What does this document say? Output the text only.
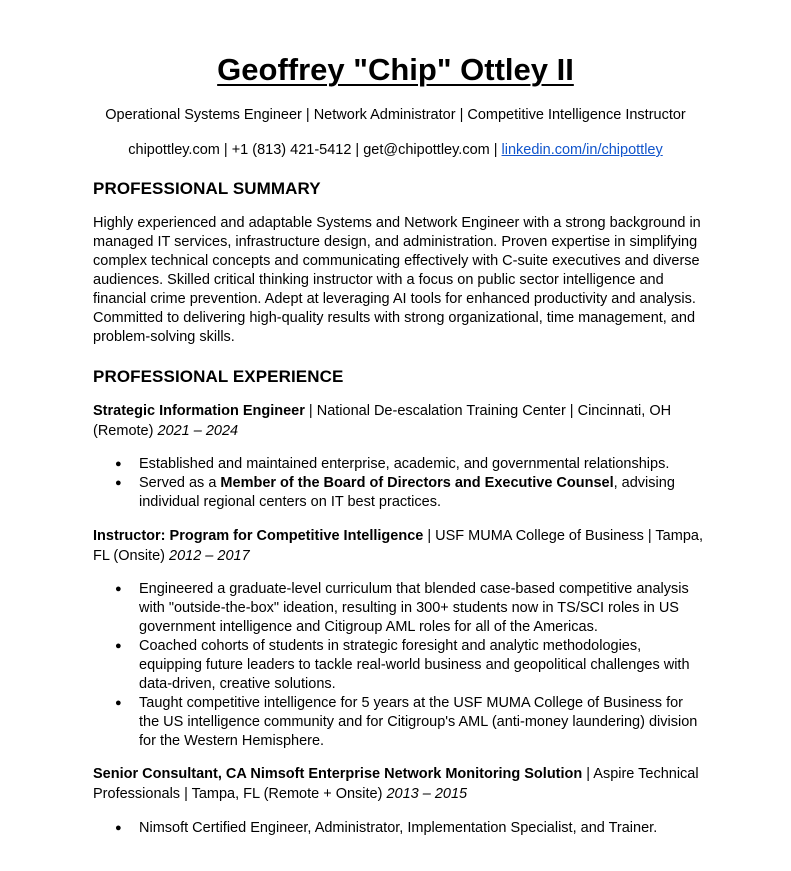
Geoffrey "Chip" Ottley II
Operational Systems Engineer | Network Administrator | Competitive Intelligence Instructor
chipottley.com | +1 (813) 421-5412 | get@chipottley.com | linkedin.com/in/chipottley
PROFESSIONAL SUMMARY
Highly experienced and adaptable Systems and Network Engineer with a strong background in managed IT services, infrastructure design, and administration. Proven expertise in simplifying complex technical concepts and communicating effectively with C-suite executives and diverse audiences. Skilled critical thinking instructor with a focus on public sector intelligence and financial crime prevention. Adept at leveraging AI tools for enhanced productivity and analysis. Committed to delivering high-quality results with strong organizational, time management, and problem-solving skills.
PROFESSIONAL EXPERIENCE
Strategic Information Engineer | National De-escalation Training Center | Cincinnati, OH (Remote) 2021 – 2024
● Established and maintained enterprise, academic, and governmental relationships.
● Served as a Member of the Board of Directors and Executive Counsel, advising individual regional centers on IT best practices.
Instructor: Program for Competitive Intelligence | USF MUMA College of Business | Tampa, FL (Onsite) 2012 – 2017
● Engineered a graduate-level curriculum that blended case-based competitive analysis with "outside-the-box" ideation, resulting in 300+ students now in TS/SCI roles in US government intelligence and Citigroup AML roles for all of the Americas.
● Coached cohorts of students in strategic foresight and analytic methodologies, equipping future leaders to tackle real-world business and geopolitical challenges with data-driven, creative solutions.
● Taught competitive intelligence for 5 years at the USF MUMA College of Business for the US intelligence community and for Citigroup's AML (anti-money laundering) division for the Western Hemisphere.
Senior Consultant, CA Nimsoft Enterprise Network Monitoring Solution | Aspire Technical Professionals | Tampa, FL (Remote + Onsite) 2013 – 2015
● Nimsoft Certified Engineer, Administrator, Implementation Specialist, and Trainer.
